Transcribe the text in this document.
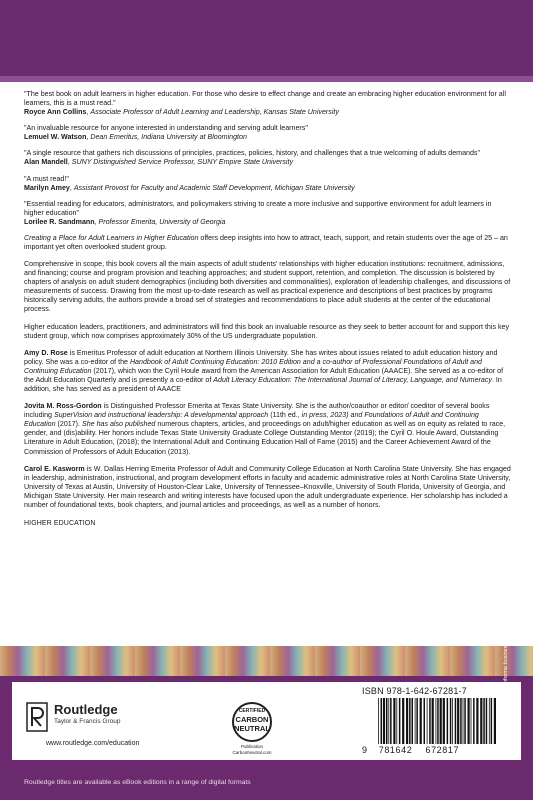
"The best book on adult learners in higher education. For those who desire to effect change and create an embracing higher education environment for all learners, this is a must read."
Royce Ann Collins, Associate Professor of Adult Learning and Leadership, Kansas State University
"An invaluable resource for anyone interested in understanding and serving adult learners"
Lemuel W. Watson, Dean Emeritus, Indiana University at Bloomington
"A single resource that gathers rich discussions of principles, practices, policies, history, and challenges that a true welcoming of adults demands"
Alan Mandell, SUNY Distinguished Service Professor, SUNY Empire State University
"A must read!"
Marilyn Amey, Assistant Provost for Faculty and Academic Staff Development, Michigan State University
"Essential reading for educators, administrators, and policymakers striving to create a more inclusive and supportive environment for adult learners in higher education"
Lorilee R. Sandmann, Professor Emerita, University of Georgia

Creating a Place for Adult Learners in Higher Education offers deep insights into how to attract, teach, support, and retain students over the age of 25 – an important yet often overlooked student group.

Comprehensive in scope, this book covers all the main aspects of adult students' relationships with higher education institutions: recruitment, admissions, and financing; course and program provision and teaching approaches; and student support, retention, and completion. The discussion is bolstered by chapters of analysis on adult student demographics (including both diversities and commonalities), exploration of leadership challenges, and discussions of measurements of success. Drawing from the most up-to-date research as well as practical experience and descriptions of best practices by programs historically serving adults, the authors provide a broad set of strategies and recommendations to place adult students at the center of the educational process.

Higher education leaders, practitioners, and administrators will find this book an invaluable resource as they seek to better account for and support this key student group, which now comprises approximately 30% of the US undergraduate population.

Amy D. Rose is Emeritus Professor of adult education at Northern Illinois University. She has writes about issues related to adult education history and policy. She was a co-editor of the Handbook of Adult Continuing Education: 2010 Edition and a co-author of Professional Foundations of Adult and Continuing Education (2017), which won the Cyril Houle award from the American Association for Adult Education (AAACE). She served as a co-editor of the Adult Education Quarterly and is presently a co-editor of Adult Literacy Education: The International Journal of Literacy, Language, and Numeracy. In addition, she has served as a president of AAACE

Jovita M. Ross-Gordon is Distinguished Professor Emerita at Texas State University. She is the author/coauthor or editor/ coeditor of several books including SuperVision and instructional leadership: A developmental approach (11th ed., in press, 2023) and Foundations of Adult and Continuing Education (2017). She has also published numerous chapters, articles, and proceedings on adult/higher education as well as on equity as related to race, gender, and (dis)ability. Her honors include Texas State University Graduate College Outstanding Mentor (2019); the Cyril O. Houle Award, Outstanding Literature in Adult Education, (2018); the International Adult and Continuing Education Hall of Fame (2015) and the Career Achievement Award of the Commission of Professors of Adult Education (2013).

Carol E. Kasworm is W. Dallas Herring Emerita Professor of Adult and Community College Education at North Carolina State University. She has engaged in leadership, administration, instructional, and program development efforts in faculty and academic administrative roles at North Carolina State University, University of Texas at Austin, University of Houston-Clear Lake, University of Tennessee–Knoxville, University of South Florida, University of Georgia, and Michigan State University. Her main research and writing interests have focused upon the adult undergraduate experience. Her scholarship has included a number of foundational texts, book chapters, and journal articles and proceedings, as well as a number of honors.

HIGHER EDUCATION

Routledge
Taylor & Francis Group
www.routledge.com/education
CERTIFIED
CARBON
NEUTRAL
Publication
CarbonNeutral.com
ISBN 978-1-642-67281-7
9 781642 672817
an informa business
Routledge titles are available as eBook editions in a range of digital formats
